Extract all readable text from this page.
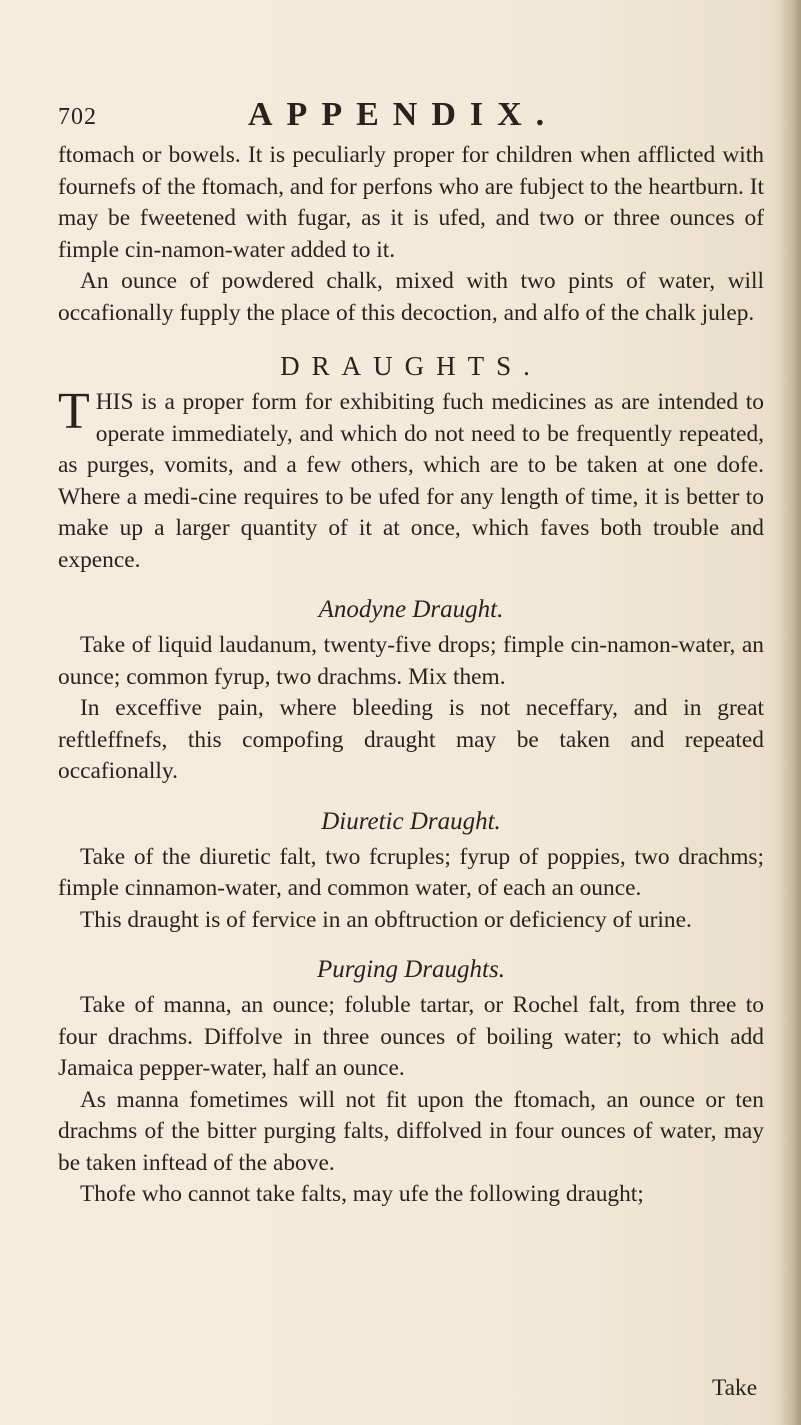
702	APPENDIX.

ftomach or bowels. It is peculiarly proper for children when afflicted with fournefs of the ftomach, and for perfons who are fubject to the heartburn. It may be fweetened with fugar, as it is ufed, and two or three ounces of fimple cin-namon-water added to it.

An ounce of powdered chalk, mixed with two pints of water, will occafionally fupply the place of this decoction, and alfo of the chalk julep.

DRAUGHTS.

THIS is a proper form for exhibiting fuch medicines as are intended to operate immediately, and which do not need to be frequently repeated, as purges, vomits, and a few others, which are to be taken at one dofe. Where a medi-cine requires to be ufed for any length of time, it is better to make up a larger quantity of it at once, which faves both trouble and expence.

Anodyne Draught.

Take of liquid laudanum, twenty-five drops; fimple cin-namon-water, an ounce; common fyrup, two drachms. Mix them.

In exceffive pain, where bleeding is not neceffary, and in great reftleffnefs, this compofing draught may be taken and repeated occafionally.

Diuretic Draught.

Take of the diuretic falt, two fcruples; fyrup of poppies, two drachms; fimple cinnamon-water, and common water, of each an ounce.

This draught is of fervice in an obftruction or deficiency of urine.

Purging Draughts.

Take of manna, an ounce; foluble tartar, or Rochel falt, from three to four drachms. Diffolve in three ounces of boiling water; to which add Jamaica pepper-water, half an ounce.

As manna fometimes will not fit upon the ftomach, an ounce or ten drachms of the bitter purging falts, diffolved in four ounces of water, may be taken inftead of the above.

Thofe who cannot take falts, may ufe the following draught;

Take
